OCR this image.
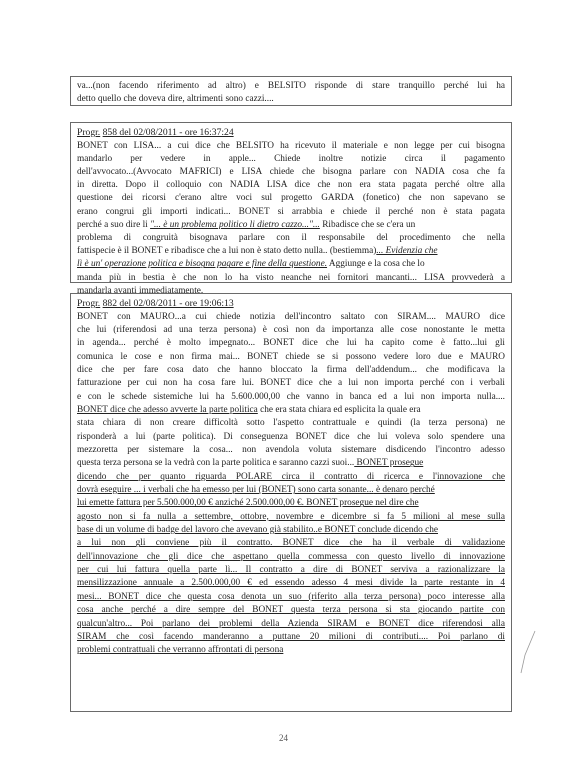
va...(non facendo riferimento ad altro) e BELSITO risponde di stare tranquillo perché lui ha
detto quello che doveva dire, altrimenti sono cazzi....
Progr. 858 del 02/08/2011 - ore 16:37:24
BONET con LISA... a cui dice che BELSITO ha ricevuto il materiale e non legge per cui bisogna
mandarlo per vedere in apple... Chiede inoltre notizie circa il pagamento
dell'avvocato...(Avvocato MAFRICI) e LISA chiede che bisogna parlare con NADIA cosa che fa
in diretta. Dopo il colloquio con NADIA LISA dice che non era stata pagata perché oltre alla
questione dei ricorsi c'erano altre voci sul progetto GARDA (fonetico) che non sapevano se
erano congrui gli importi indicati... BONET si arrabbia e chiede il perché non è stata pagata
perché a suo dire li "... è un problema politico li dietro cazzo..."... Ribadisce che se c'era un
problema di congruità bisognava parlare con il responsabile del procedimento che nella
fattispecie è il BONET e ribadisce che a lui non è stato detto nulla.. (bestiemma)... Evidenzia che
lì è un' operazione politica e bisogna pagare e fine della questione. Aggiunge e la cosa che lo
manda più in bestia è che non lo ha visto neanche nei fornitori mancanti... LISA provvederà a
mandarla avanti immediatamente.
Progr. 882 del 02/08/2011 - ore 19:06:13
BONET con MAURO...a cui chiede notizia dell'incontro saltato con SIRAM.... MAURO dice
che lui (riferendosi ad una terza persona) è così non da importanza alle cose nonostante le metta
in agenda... perché è molto impegnato... BONET dice che lui ha capito come è fatto...lui gli
comunica le cose e non firma mai... BONET chiede se si possono vedere loro due e MAURO
dice che per fare cosa dato che hanno bloccato la firma dell'addendum... che modificava la
fatturazione per cui non ha cosa fare lui. BONET dice che a lui non importa perché con i verbali
e con le schede sistemiche lui ha 5.600.000,00 che vanno in banca ed a lui non importa nulla....
BONET dice che adesso avverte la parte politica che era stata chiara ed esplicita la quale era
stata chiara di non creare difficoltà sotto l'aspetto contrattuale e quindi (la terza persona) ne
risponderà a lui (parte politica). Di conseguenza BONET dice che lui voleva solo spendere una
mezzoretta per sistemare la cosa... non avendola voluta sistemare disdicendo l'incontro adesso
questa terza persona se la vedrà con la parte politica e saranno cazzi suoi... BONET prosegue
dicendo che per quanto riguarda POLARE circa il contratto di ricerca e l'innovazione che
dovrà eseguire ... i verbali che ha emesso per lui (BONET) sono carta sonante... è denaro perché
lui emette fattura per 5.500.000,00 € anziché 2.500.000,00 €. BONET prosegue nel dire che
agosto non si fa nulla a settembre, ottobre, novembre e dicembre si fa 5 milioni al mese sulla
base di un volume di badge del lavoro che avevano già stabilito..e BONET conclude dicendo che
a lui non gli conviene più il contratto. BONET dice che ha il verbale di validazione
dell'innovazione che gli dice che aspettano quella commessa con questo livello di innovazione
per cui lui fattura quella parte lì... Il contratto a dire di BONET serviva a razionalizzare la
mensilizzazione annuale a 2.500.000,00 € ed essendo adesso 4 mesi divide la parte restante in 4
mesi... BONET dice che questa cosa denota un suo (riferito alla terza persona) poco interesse alla
cosa anche perché a dire sempre del BONET questa terza persona si sta giocando partite con
qualcun'altro... Poi parlano dei problemi della Azienda SIRAM e BONET dice riferendosi alla
SIRAM che così facendo manderanno a puttane 20 milioni di contributi.... Poi parlano di
problemi contrattuali che verranno affrontati di persona
24
